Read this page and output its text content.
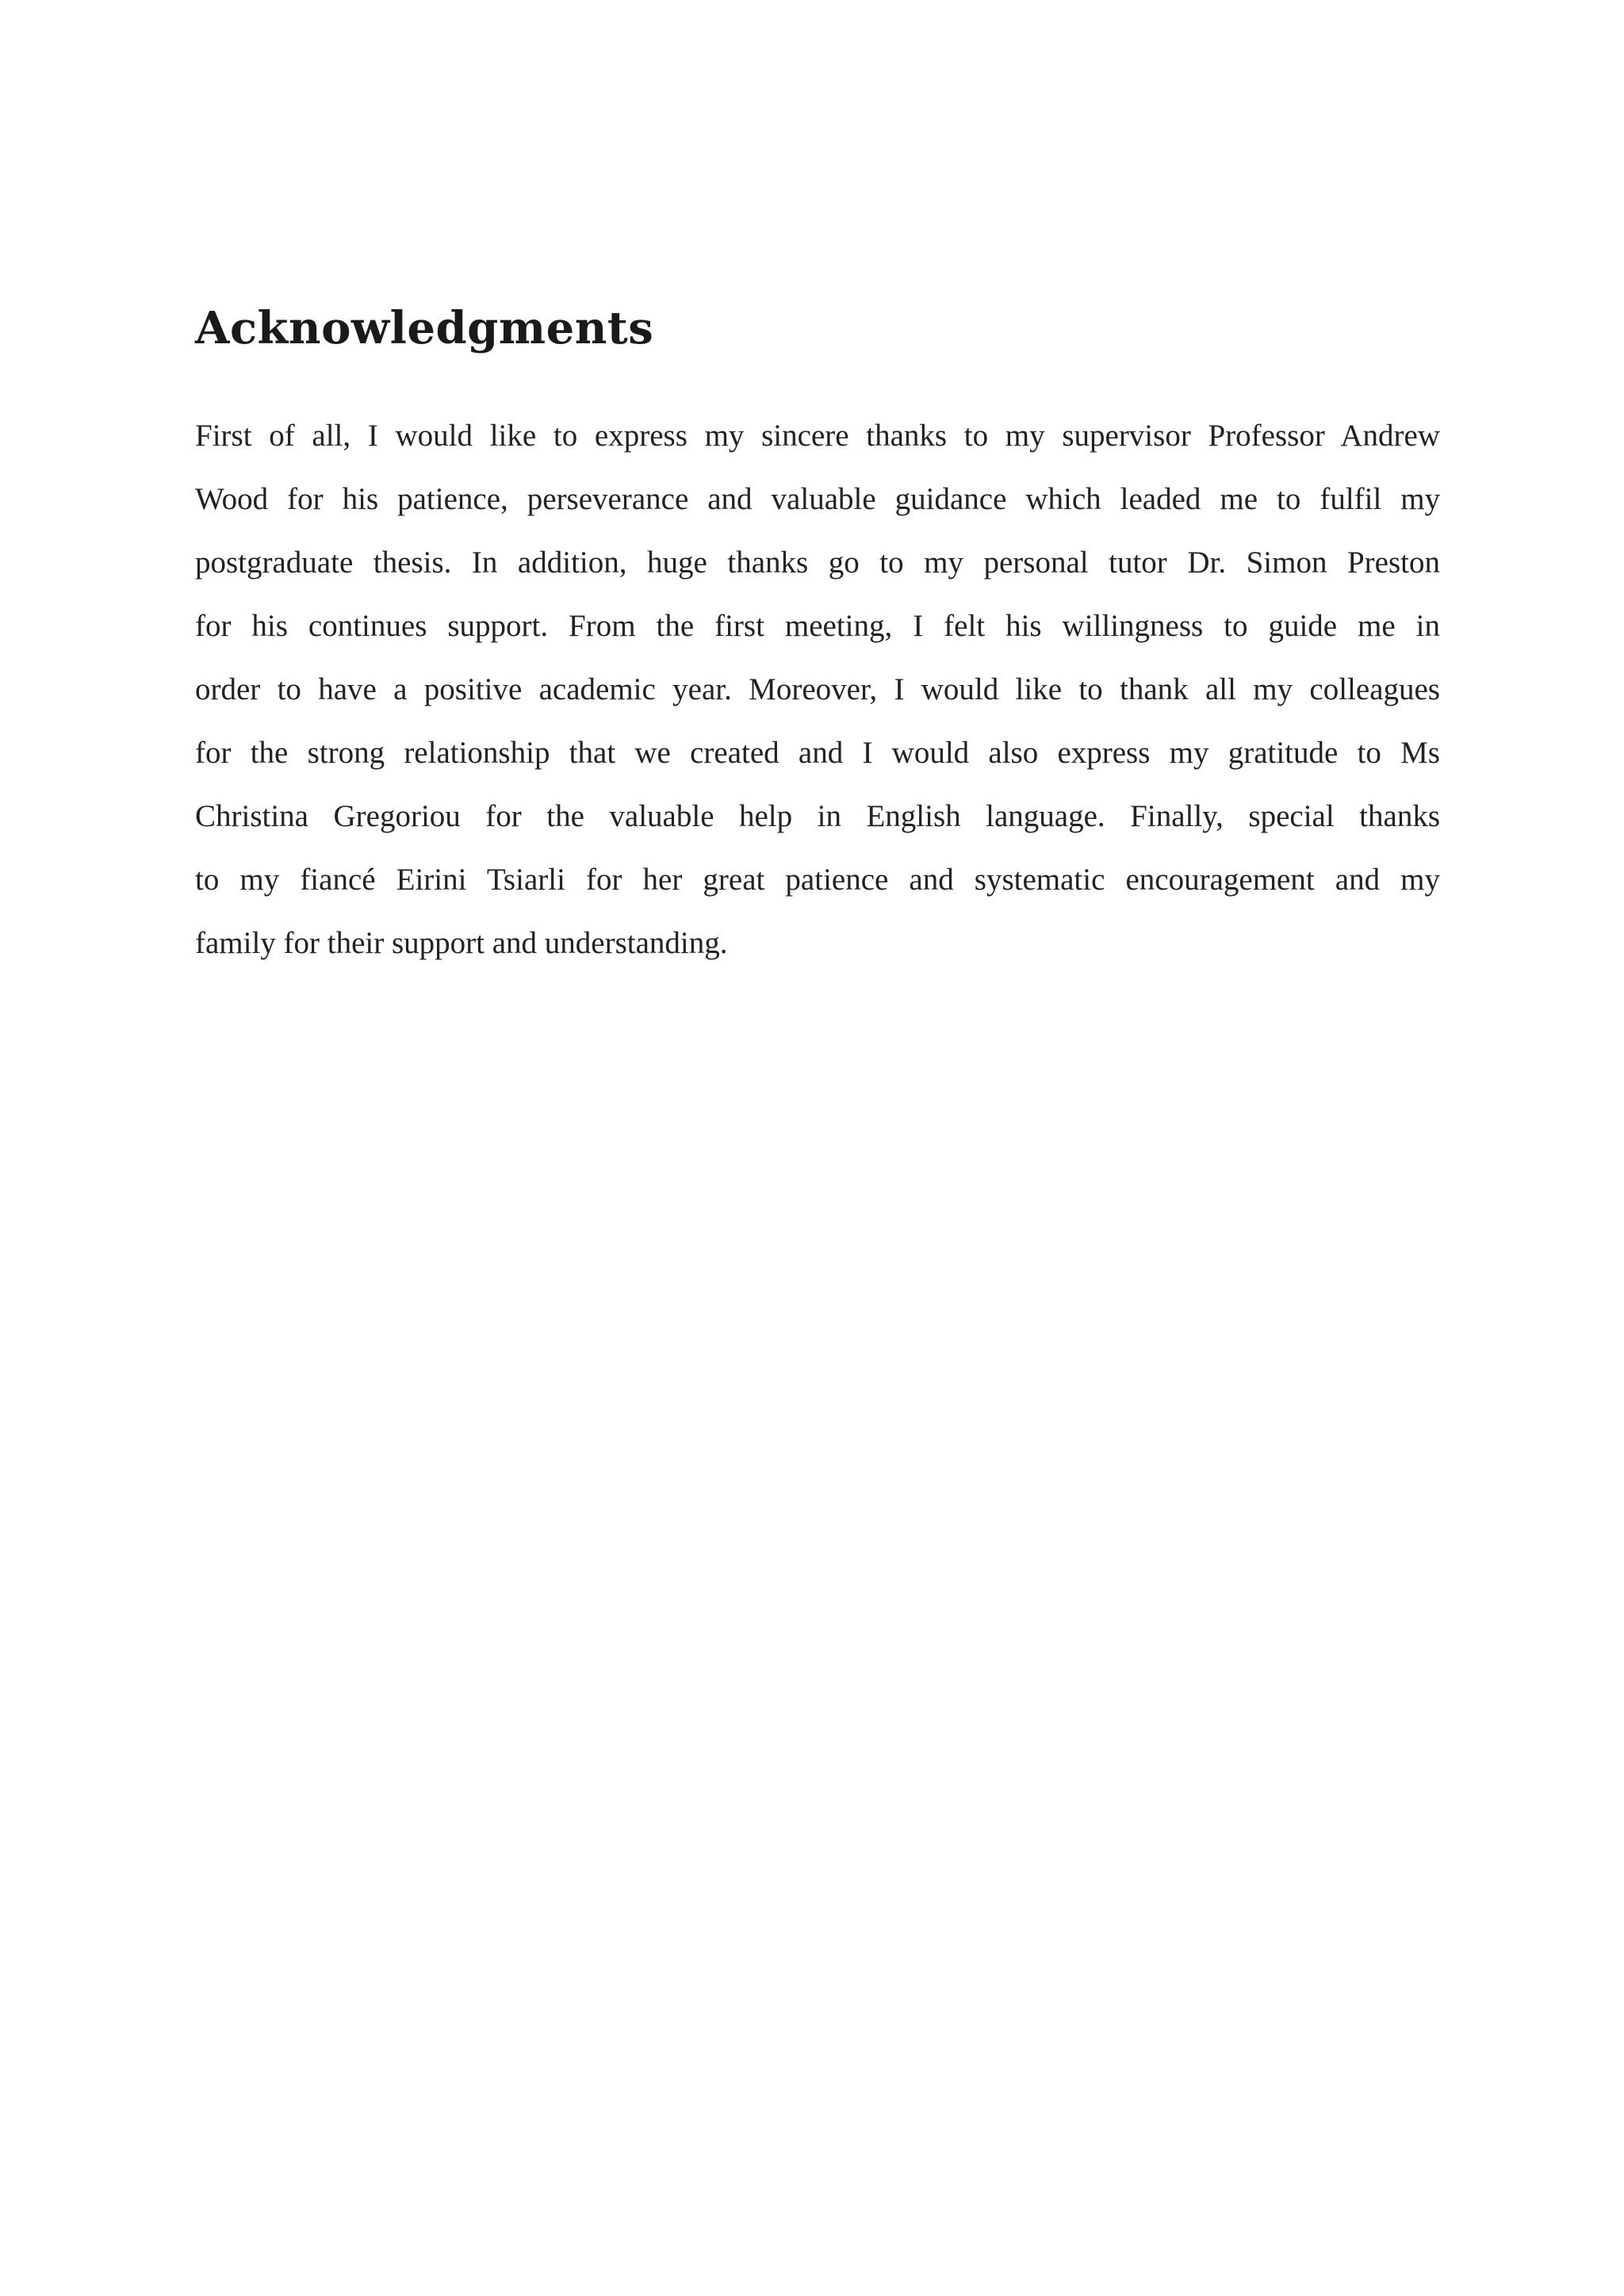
Acknowledgments
First of all, I would like to express my sincere thanks to my supervisor Professor Andrew
Wood for his patience, perseverance and valuable guidance which leaded me to fulfil my
postgraduate thesis. In addition, huge thanks go to my personal tutor Dr. Simon Preston
for his continues support. From the first meeting, I felt his willingness to guide me in
order to have a positive academic year. Moreover, I would like to thank all my colleagues
for the strong relationship that we created and I would also express my gratitude to Ms
Christina Gregoriou for the valuable help in English language. Finally, special thanks
to my fiancé Eirini Tsiarli for her great patience and systematic encouragement and my
family for their support and understanding.
